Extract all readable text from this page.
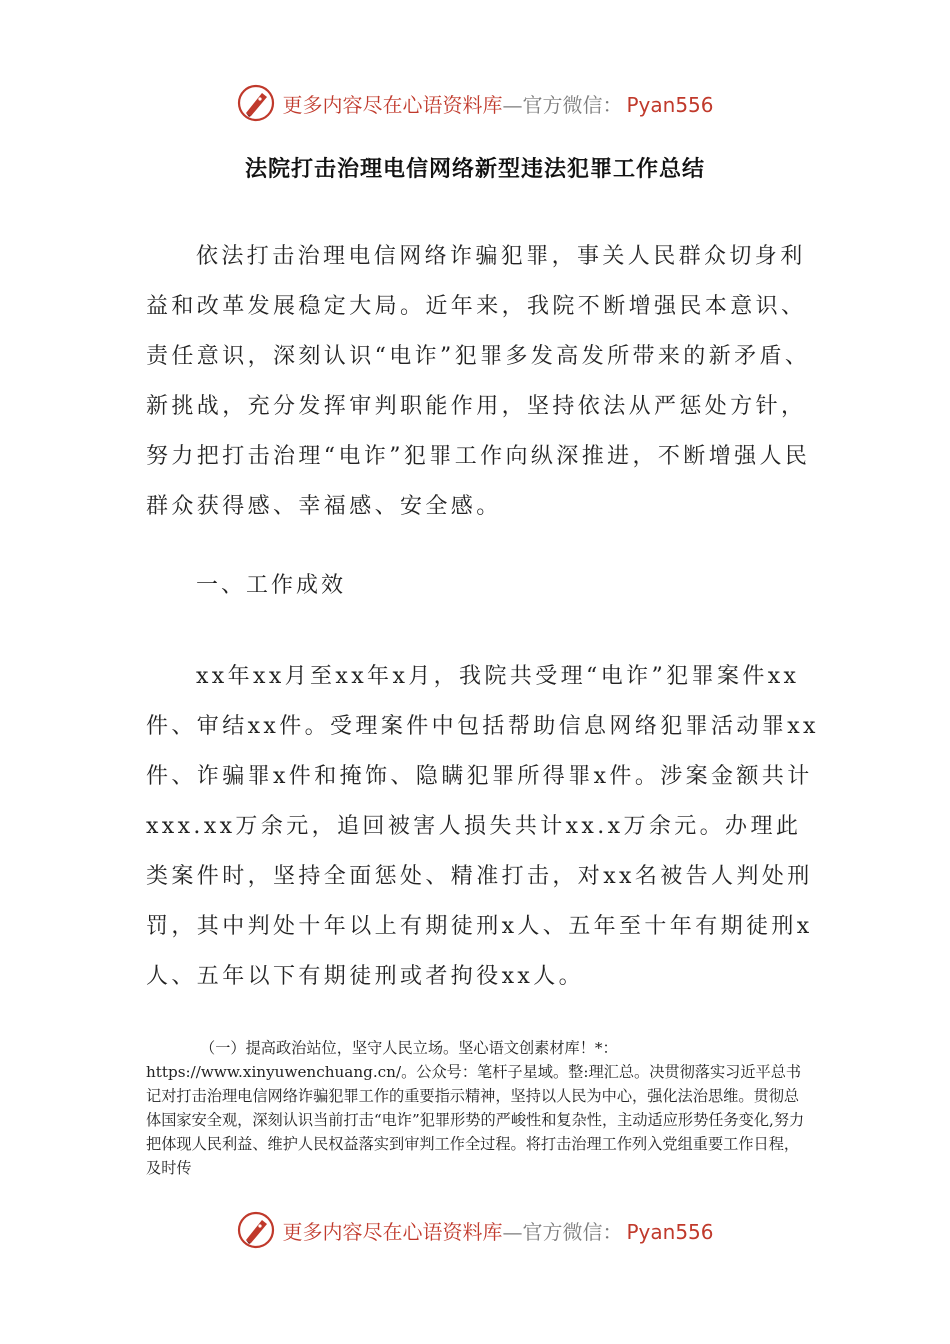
更多内容尽在心语资料库—官方微信： Pyan556
法院打击治理电信网络新型违法犯罪工作总结
依法打击治理电信网络诈骗犯罪，事关人民群众切身利益和改革发展稳定大局。近年来，我院不断增强民本意识、责任意识，深刻认识“电诈”犯罪多发高发所带来的新矛盾、新挑战，充分发挥审判职能作用，坚持依法从严惩处方针，努力把打击治理“电诈”犯罪工作向纵深推进，不断增强人民群众获得感、幸福感、安全感。
一、工作成效
xx年xx月至xx年x月，我院共受理“电诈”犯罪案件xx件、审结xx件。受理案件中包括帮助信息网络犯罪活动罪xx件、诈骗罪x件和掩饰、隐瞒犯罪所得罪x件。涉案金额共计xxx.xx万余元，追回被害人损失共计xx.x万余元。办理此类案件时，坚持全面惩处、精准打击，对xx名被告人判处刑罚，其中判处十年以上有期徒刑x人、五年至十年有期徒刑x人、五年以下有期徒刑或者拘役xx人。
（一）提高政治站位，坚守人民立场。坚心语文创素材库！*：https://www.xinyuwenchuang.cn/。公众号：笔杆子星域。整:理汇总。决贯彻落实习近平总书记对打击治理电信网络诈骗犯罪工作的重要指示精神，坚持以人民为中心，强化法治思维。贯彻总体国家安全观，深刻认识当前打击“电诈”犯罪形势的严峻性和复杂性，主动适应形势任务变化,努力把体现人民利益、维护人民权益落实到审判工作全过程。将打击治理工作列入党组重要工作日程，及时传
更多内容尽在心语资料库—官方微信： Pyan556
